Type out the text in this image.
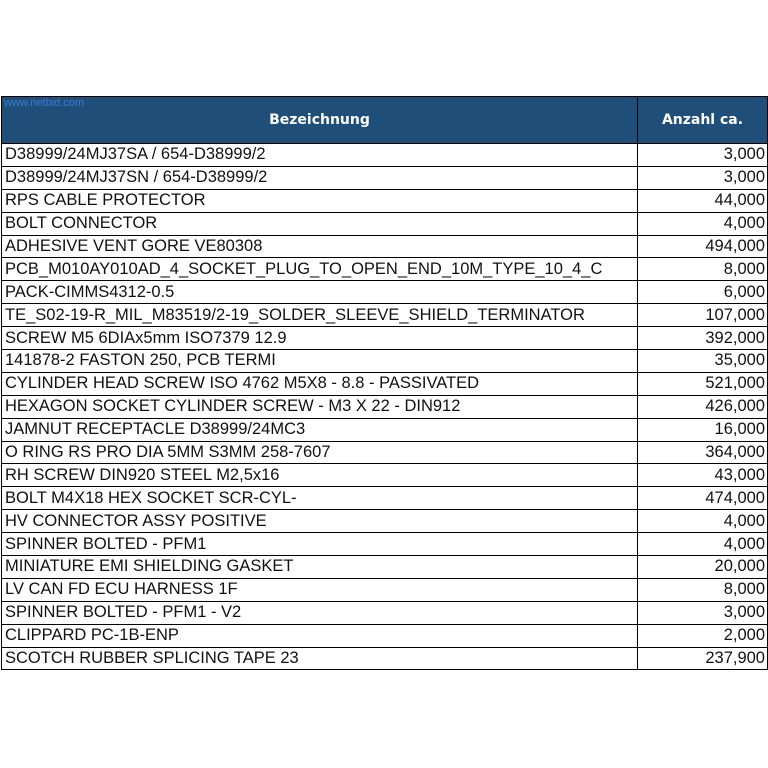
www.netbid.com
Bezeichnung	Anzahl ca.
D38999/24MJ37SA / 654-D38999/2	3,000
D38999/24MJ37SN / 654-D38999/2	3,000
RPS CABLE PROTECTOR	44,000
BOLT CONNECTOR	4,000
ADHESIVE VENT GORE VE80308	494,000
PCB_M010AY010AD_4_SOCKET_PLUG_TO_OPEN_END_10M_TYPE_10_4_C	8,000
PACK-CIMMS4312-0.5	6,000
TE_S02-19-R_MIL_M83519/2-19_SOLDER_SLEEVE_SHIELD_TERMINATOR	107,000
SCREW M5 6DIAx5mm ISO7379 12.9	392,000
141878-2 FASTON 250, PCB TERMI	35,000
CYLINDER HEAD SCREW ISO 4762 M5X8 - 8.8 - PASSIVATED	521,000
HEXAGON SOCKET CYLINDER SCREW - M3 X 22 - DIN912	426,000
JAMNUT RECEPTACLE D38999/24MC3	16,000
O RING RS PRO DIA 5MM S3MM 258-7607	364,000
RH SCREW DIN920 STEEL M2,5x16	43,000
BOLT M4X18 HEX SOCKET SCR-CYL-	474,000
HV CONNECTOR ASSY POSITIVE	4,000
SPINNER BOLTED - PFM1	4,000
MINIATURE EMI SHIELDING GASKET	20,000
LV CAN FD ECU HARNESS 1F	8,000
SPINNER BOLTED - PFM1 - V2	3,000
CLIPPARD PC-1B-ENP	2,000
SCOTCH RUBBER SPLICING TAPE 23	237,900
